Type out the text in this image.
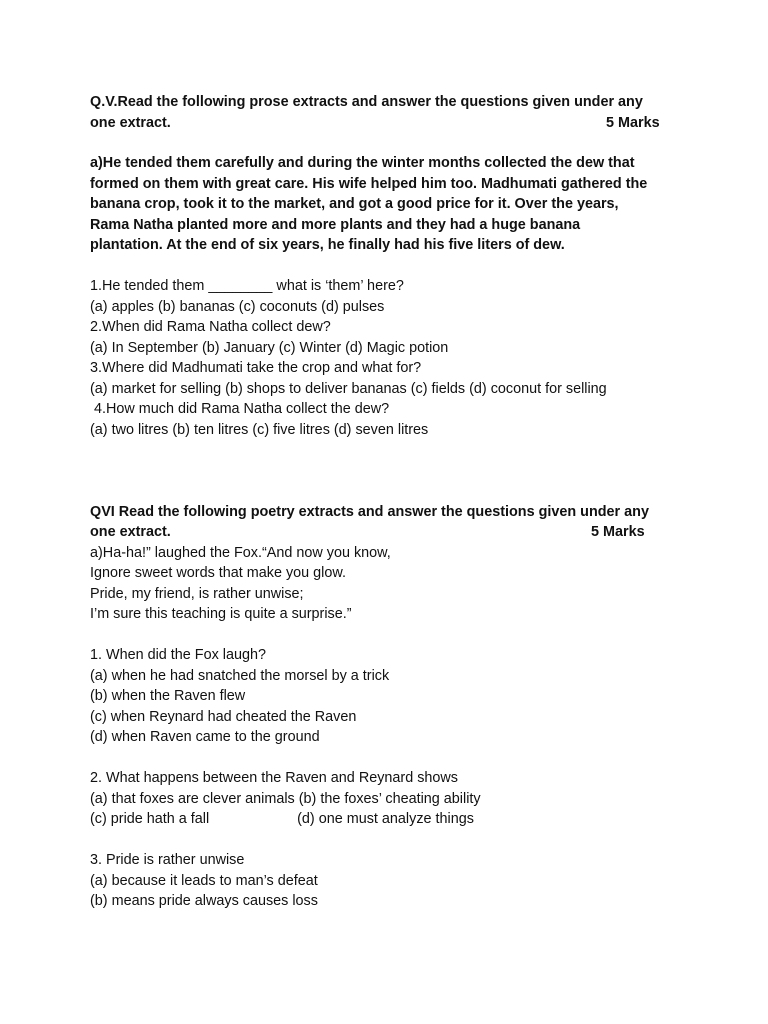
Q.V.Read the following prose extracts and answer the questions given under any
one extract.	5 Marks
a)He tended them carefully and during the winter months collected the dew that
formed on them with great care. His wife helped him too. Madhumati gathered the
banana crop, took it to the market, and got a good price for it. Over the years,
Rama Natha planted more and more plants and they had a huge banana
plantation. At the end of six years, he finally had his five liters of dew.
1.He tended them ________ what is ‘them’ here?
(a) apples (b) bananas (c) coconuts (d) pulses
2.When did Rama Natha collect dew?
(a) In September (b) January (c) Winter (d) Magic potion
3.Where did Madhumati take the crop and what for?
(a) market for selling (b) shops to deliver bananas (c) fields (d) coconut for selling
4.How much did Rama Natha collect the dew?
(a) two litres (b) ten litres (c) five litres (d) seven litres
QVI Read the following poetry extracts and answer the questions given under any
one extract.	5 Marks
a)Ha-ha!” laughed the Fox.“And now you know,
Ignore sweet words that make you glow.
Pride, my friend, is rather unwise;
I’m sure this teaching is quite a surprise.”
1. When did the Fox laugh?
(a) when he had snatched the morsel by a trick
(b) when the Raven flew
(c) when Reynard had cheated the Raven
(d) when Raven came to the ground
2. What happens between the Raven and Reynard shows
(a) that foxes are clever animals (b) the foxes’ cheating ability
(c) pride hath a fall                      (d) one must analyze things
3. Pride is rather unwise
(a) because it leads to man’s defeat
(b) means pride always causes loss
